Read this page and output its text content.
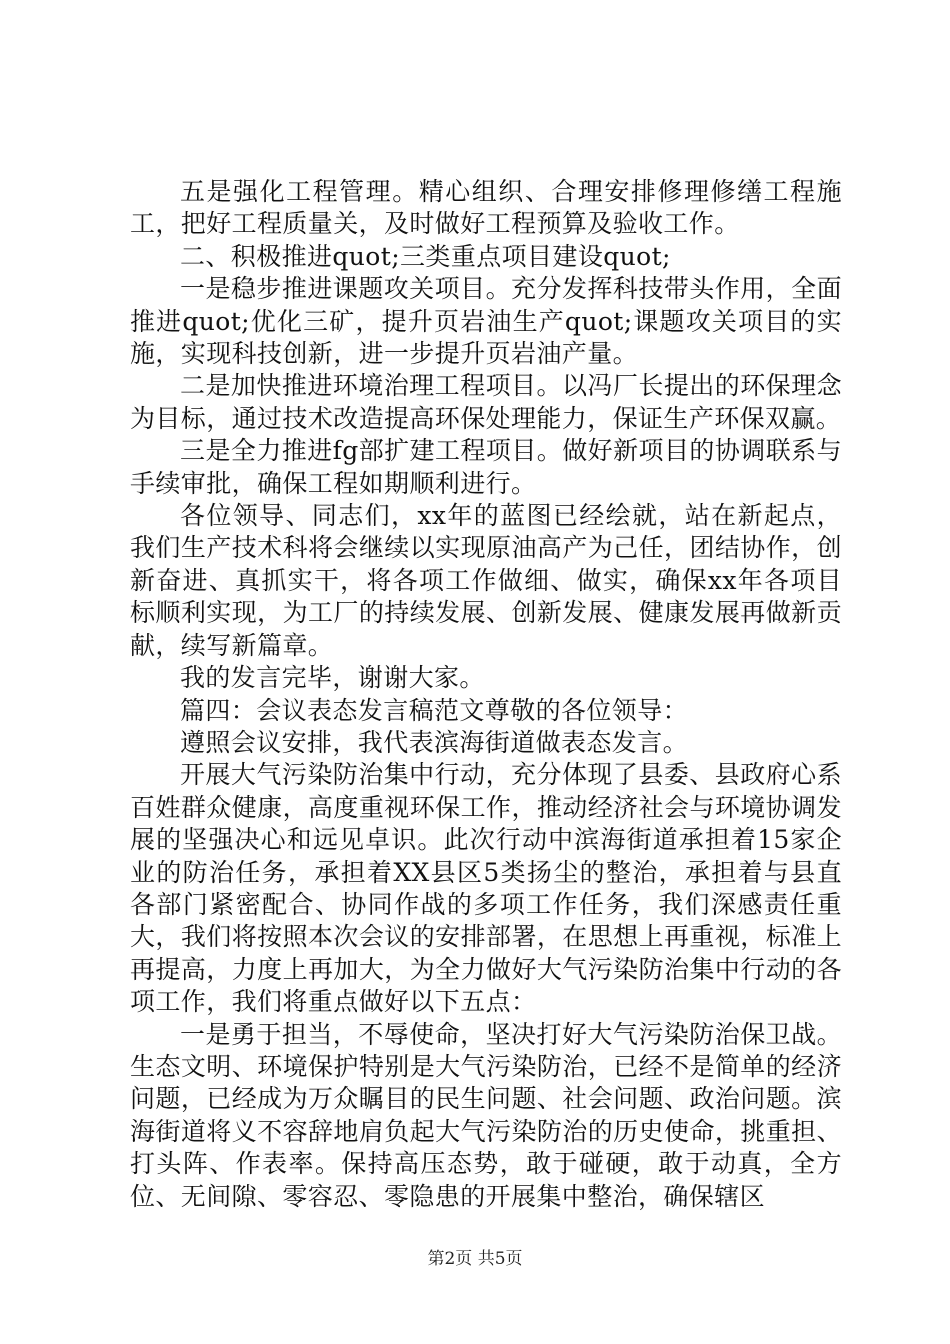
五是强化工程管理。精心组织、合理安排修理修缮工程施工，把好工程质量关，及时做好工程预算及验收工作。

二、积极推进quot;三类重点项目建设quot;

一是稳步推进课题攻关项目。充分发挥科技带头作用，全面推进quot;优化三矿，提升页岩油生产quot;课题攻关项目的实施，实现科技创新，进一步提升页岩油产量。

二是加快推进环境治理工程项目。以冯厂长提出的环保理念为目标，通过技术改造提高环保处理能力，保证生产环保双赢。

三是全力推进fg部扩建工程项目。做好新项目的协调联系与手续审批，确保工程如期顺利进行。

各位领导、同志们，xx年的蓝图已经绘就，站在新起点，我们生产技术科将会继续以实现原油高产为己任，团结协作，创新奋进、真抓实干，将各项工作做细、做实，确保xx年各项目标顺利实现，为工厂的持续发展、创新发展、健康发展再做新贡献，续写新篇章。

我的发言完毕，谢谢大家。

篇四：会议表态发言稿范文尊敬的各位领导：

遵照会议安排，我代表滨海街道做表态发言。

开展大气污染防治集中行动，充分体现了县委、县政府心系百姓群众健康，高度重视环保工作，推动经济社会与环境协调发展的坚强决心和远见卓识。此次行动中滨海街道承担着15家企业的防治任务，承担着XX县区5类扬尘的整治，承担着与县直各部门紧密配合、协同作战的多项工作任务，我们深感责任重大，我们将按照本次会议的安排部署，在思想上再重视，标准上再提高，力度上再加大，为全力做好大气污染防治集中行动的各项工作，我们将重点做好以下五点：

一是勇于担当，不辱使命，坚决打好大气污染防治保卫战。生态文明、环境保护特别是大气污染防治，已经不是简单的经济问题，已经成为万众瞩目的民生问题、社会问题、政治问题。滨海街道将义不容辞地肩负起大气污染防治的历史使命，挑重担、打头阵、作表率。保持高压态势，敢于碰硬，敢于动真，全方位、无间隙、零容忍、零隐患的开展集中整治，确保辖区

第2页 共5页
